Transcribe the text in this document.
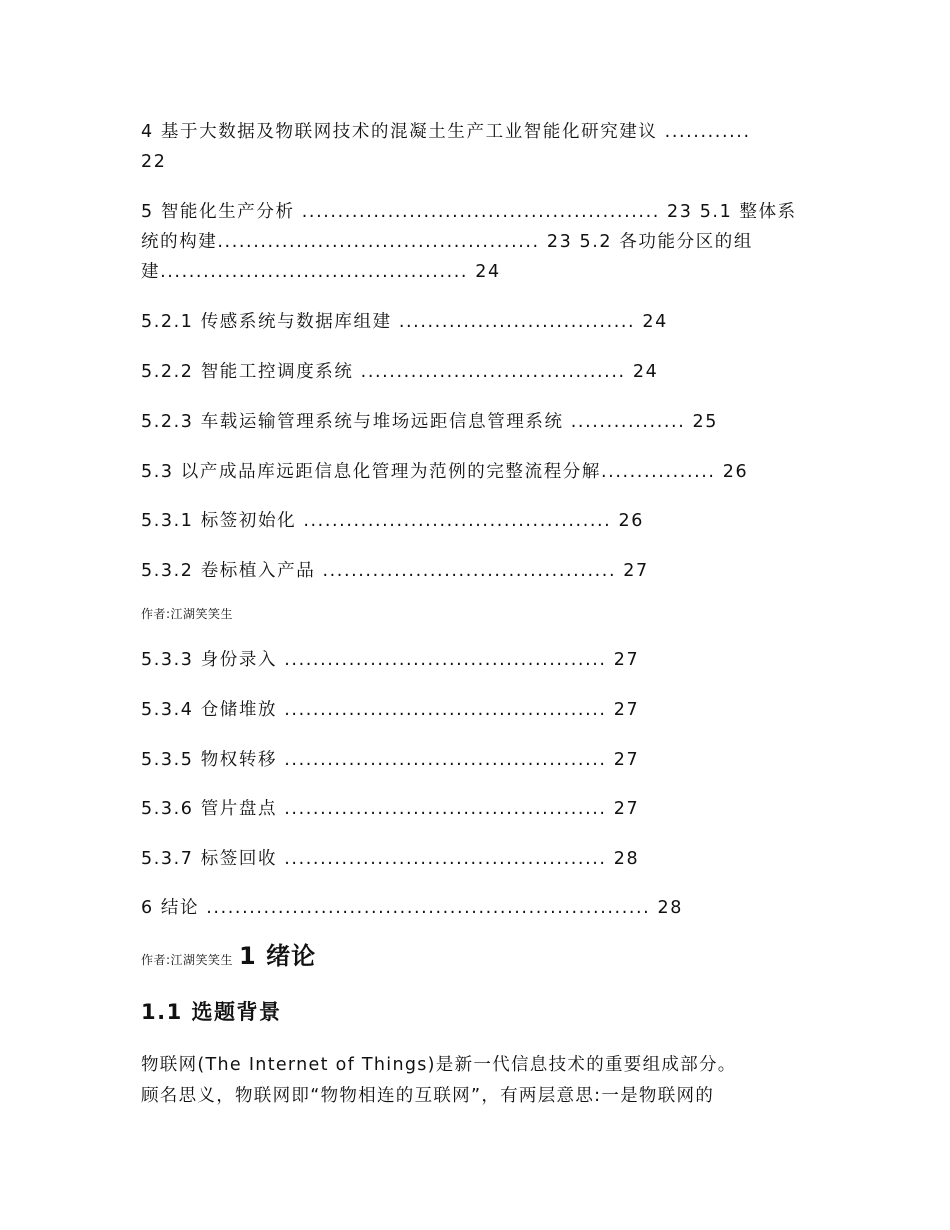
4 基于大数据及物联网技术的混凝土生产工业智能化研究建议 ............
22
5 智能化生产分析 .................................................. 23 5.1 整体系
统的构建............................................. 23 5.2 各功能分区的组
建........................................... 24
5.2.1 传感系统与数据库组建 ................................. 24
5.2.2 智能工控调度系统 ..................................... 24
5.2.3 车载运输管理系统与堆场远距信息管理系统 ................ 25
5.3 以产成品库远距信息化管理为范例的完整流程分解................ 26
5.3.1 标签初始化 ........................................... 26
5.3.2 卷标植入产品 ......................................... 27
作者:江湖笑笑生
5.3.3 身份录入 ............................................. 27
5.3.4 仓储堆放 ............................................. 27
5.3.5 物权转移 ............................................. 27
5.3.6 管片盘点 ............................................. 27
5.3.7 标签回收 ............................................. 28
6 结论 .............................................................. 28
作者:江湖笑笑生 1 绪论
1.1 选题背景
物联网(The Internet of Things)是新一代信息技术的重要组成部分。
顾名思义，物联网即“物物相连的互联网”，有两层意思:一是物联网的
